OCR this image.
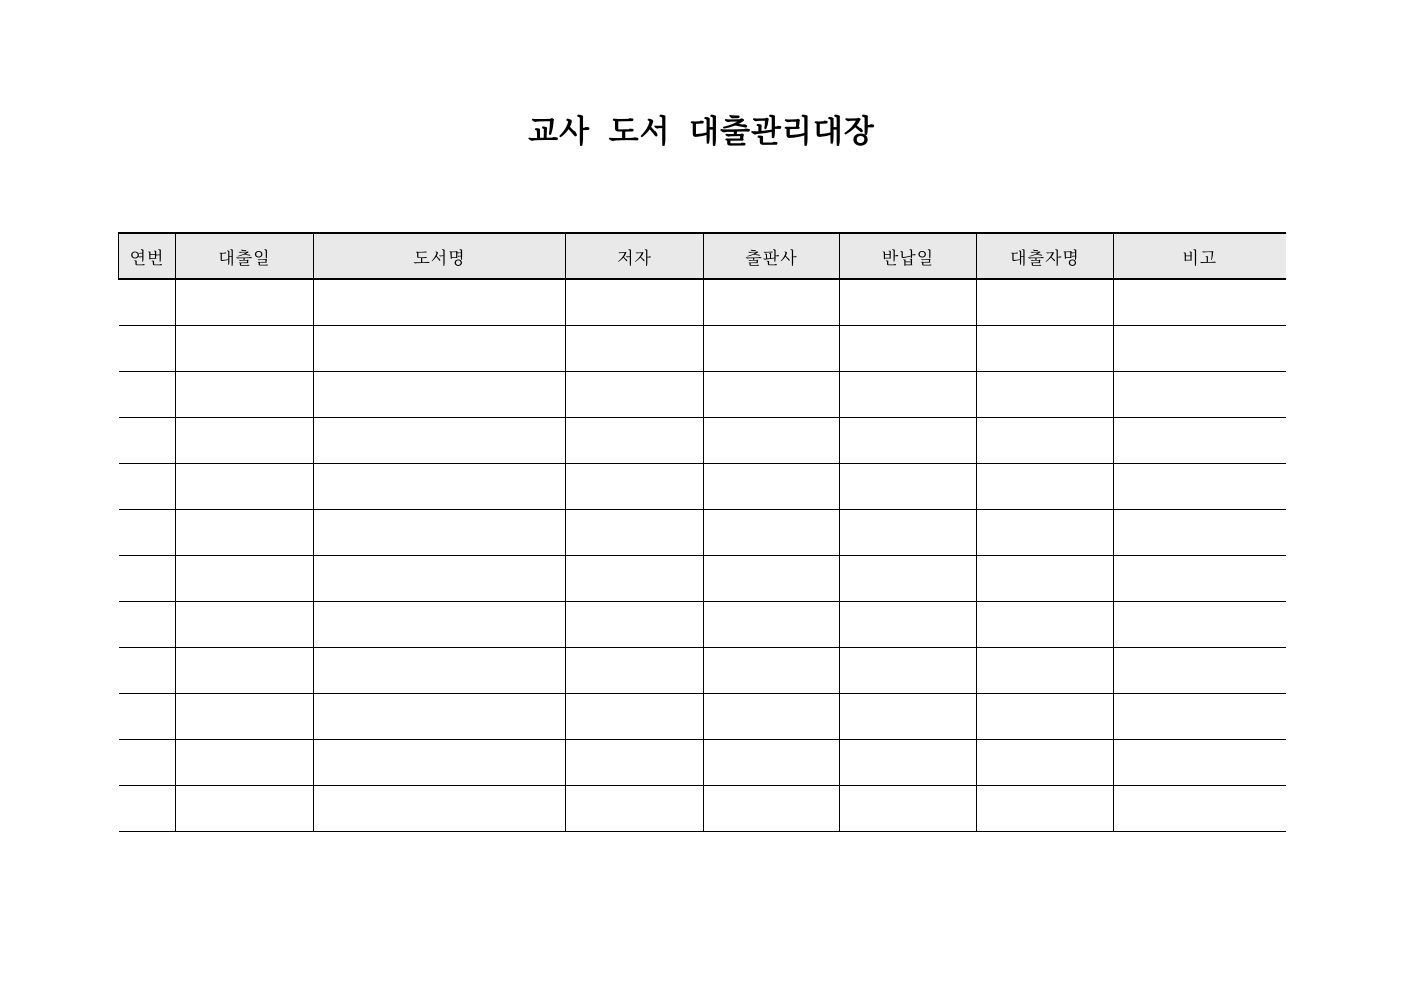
교사 도서 대출관리대장
연번	대출일	도서명	저자	출판사	반납일	대출자명	비고
